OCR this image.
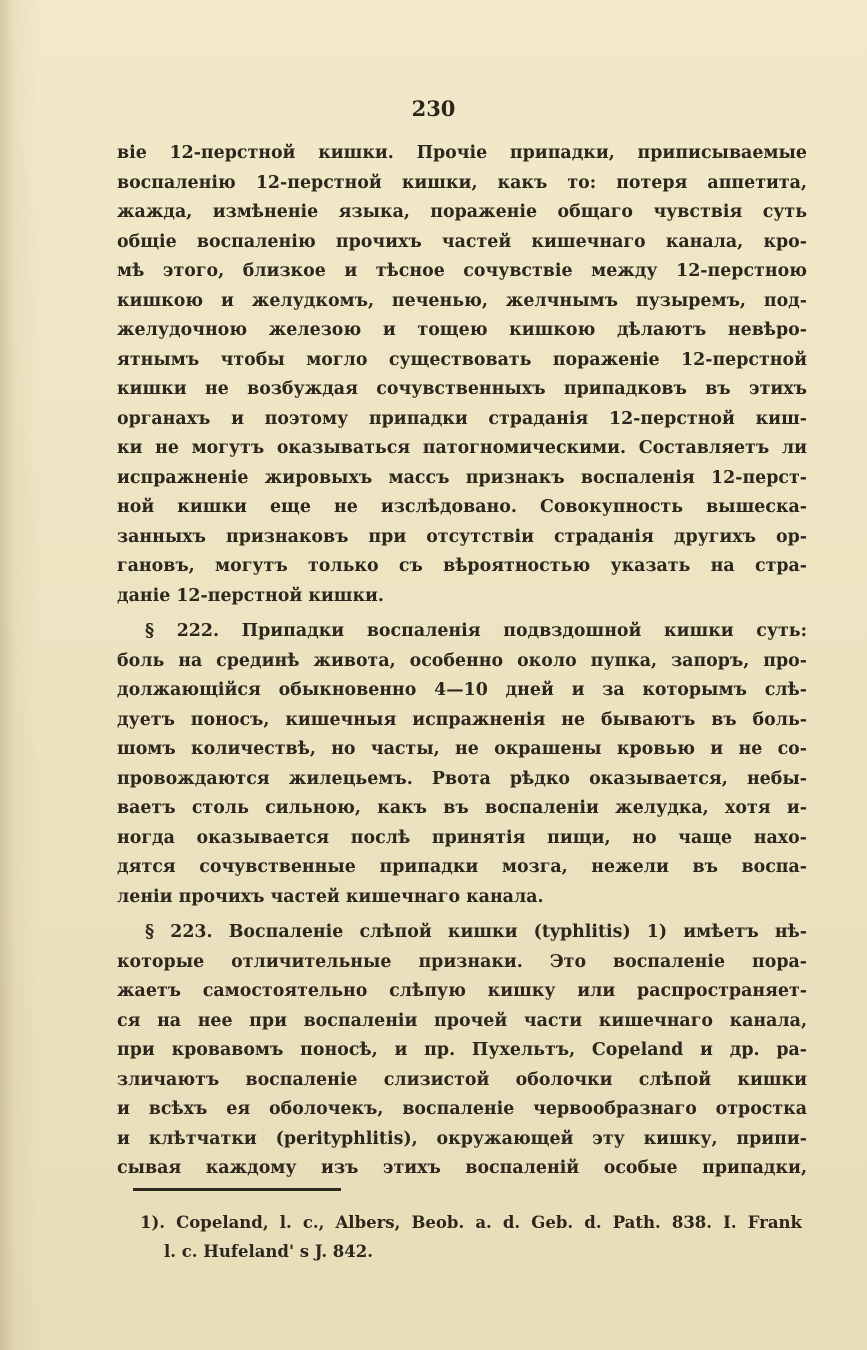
230
віе 12-перстной кишки. Прочіе припадки, приписываемые
воспаленію 12-перстной кишки, какъ то: потеря аппетита,
жажда, измѣненіе языка, пораженіе общаго чувствія суть
общіе воспаленію прочихъ частей кишечнаго канала, кро-
мѣ этого, близкое и тѣсное сочувствіе между 12-перстною
кишкою и желудкомъ, печенью, желчнымъ пузыремъ, под-
желудочною железою и тощею кишкою дѣлаютъ невѣро-
ятнымъ чтобы могло существовать пораженіе 12-перстной
кишки не возбуждая сочувственныхъ припадковъ въ этихъ
органахъ и поэтому припадки страданія 12-перстной киш-
ки не могутъ оказываться патогномическими. Составляетъ ли
испражненіе жировыхъ массъ признакъ воспаленія 12-перст-
ной кишки еще не изслѣдовано. Совокупность вышеска-
занныхъ признаковъ при отсутствіи страданія другихъ ор-
гановъ, могутъ только съ вѣроятностью указать на стра-
даніе 12-перстной кишки.
§ 222. Припадки воспаленія подвздошной кишки суть:
боль на срединѣ живота, особенно около пупка, запоръ, про-
должающійся обыкновенно 4—10 дней и за которымъ слѣ-
дуетъ поносъ, кишечныя испражненія не бываютъ въ боль-
шомъ количествѣ, но часты, не окрашены кровью и не со-
провождаются жилецьемъ. Рвота рѣдко оказывается, небы-
ваетъ столь сильною, какъ въ воспаленіи желудка, хотя и-
ногда оказывается послѣ принятія пищи, но чаще нахо-
дятся сочувственные припадки мозга, нежели въ воспа-
леніи прочихъ частей кишечнаго канала.
§ 223. Воспаленіе слѣпой кишки (typhlitis) 1) имѣетъ нѣ-
которые отличительные признаки. Это воспаленіе пора-
жаетъ самостоятельно слѣпую кишку или распространяет-
ся на нее при воспаленіи прочей части кишечнаго канала,
при кровавомъ поносѣ, и пр. Пухельтъ, Copeland и др. ра-
зличаютъ воспаленіе слизистой оболочки слѣпой кишки
и всѣхъ ея оболочекъ, воспаленіе червообразнаго отростка
и клѣтчатки (perityphlitis), окружающей эту кишку, припи-
сывая каждому изъ этихъ воспаленій особые припадки,
1). Copeland, l. c., Albers, Beob. a. d. Geb. d. Path. 838. I. Frank
l. c. Hufeland' s J. 842.
